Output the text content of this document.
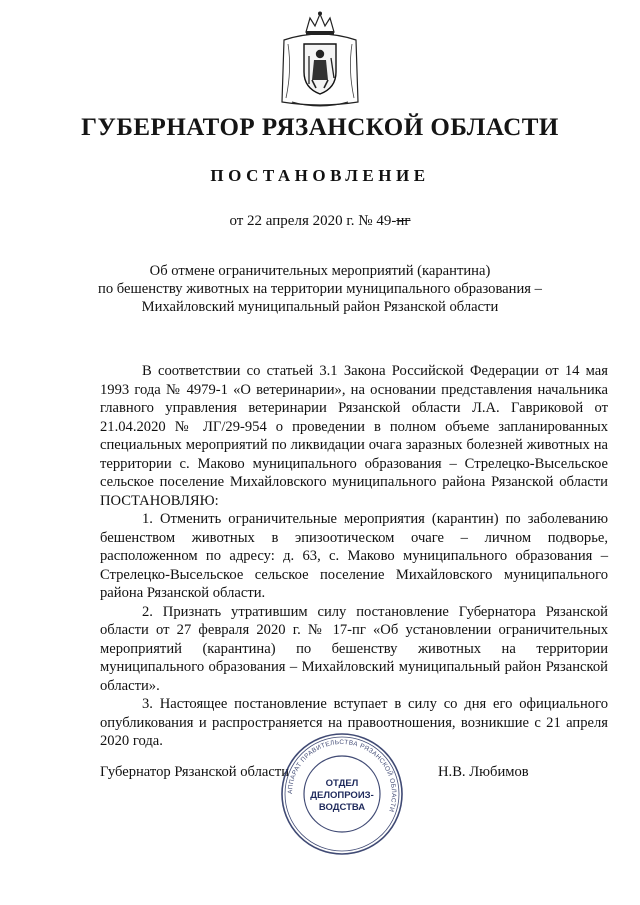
ГУБЕРНАТОР РЯЗАНСКОЙ ОБЛАСТИ
ПОСТАНОВЛЕНИЕ
от 22 апреля 2020 г. № 49-нг
Об отмене ограничительных мероприятий (карантина)
по бешенству животных на территории муниципального образования –
Михайловский муниципальный район Рязанской области

В соответствии со статьей 3.1 Закона Российской Федерации от 14 мая 1993 года № 4979-1 «О ветеринарии», на основании представления начальника главного управления ветеринарии Рязанской области Л.А. Гавриковой от 21.04.2020 № ЛГ/29-954 о проведении в полном объеме запланированных специальных мероприятий по ликвидации очага заразных болезней животных на территории с. Маково муниципального образования – Стрелецко-Высельское сельское поселение Михайловского муниципального района Рязанской области ПОСТАНОВЛЯЮ:

1. Отменить ограничительные мероприятия (карантин) по заболеванию бешенством животных в эпизоотическом очаге – личном подворье, расположенном по адресу: д. 63, с. Маково муниципального образования – Стрелецко-Высельское сельское поселение Михайловского муниципального района Рязанской области.

2. Признать утратившим силу постановление Губернатора Рязанской области от 27 февраля 2020 г. № 17-пг «Об установлении ограничительных мероприятий (карантина) по бешенству животных на территории муниципального образования – Михайловский муниципальный район Рязанской области».

3. Настоящее постановление вступает в силу со дня его официального опубликования и распространяется на правоотношения, возникшие с 21 апреля 2020 года.

Губернатор Рязанской области	Н.В. Любимов
АППАРАТ ПРАВИТЕЛЬСТВА РЯЗАНСКОЙ ОБЛАСТИ
ОТДЕЛ
ДЕЛОПРОИЗ-
ВОДСТВА
